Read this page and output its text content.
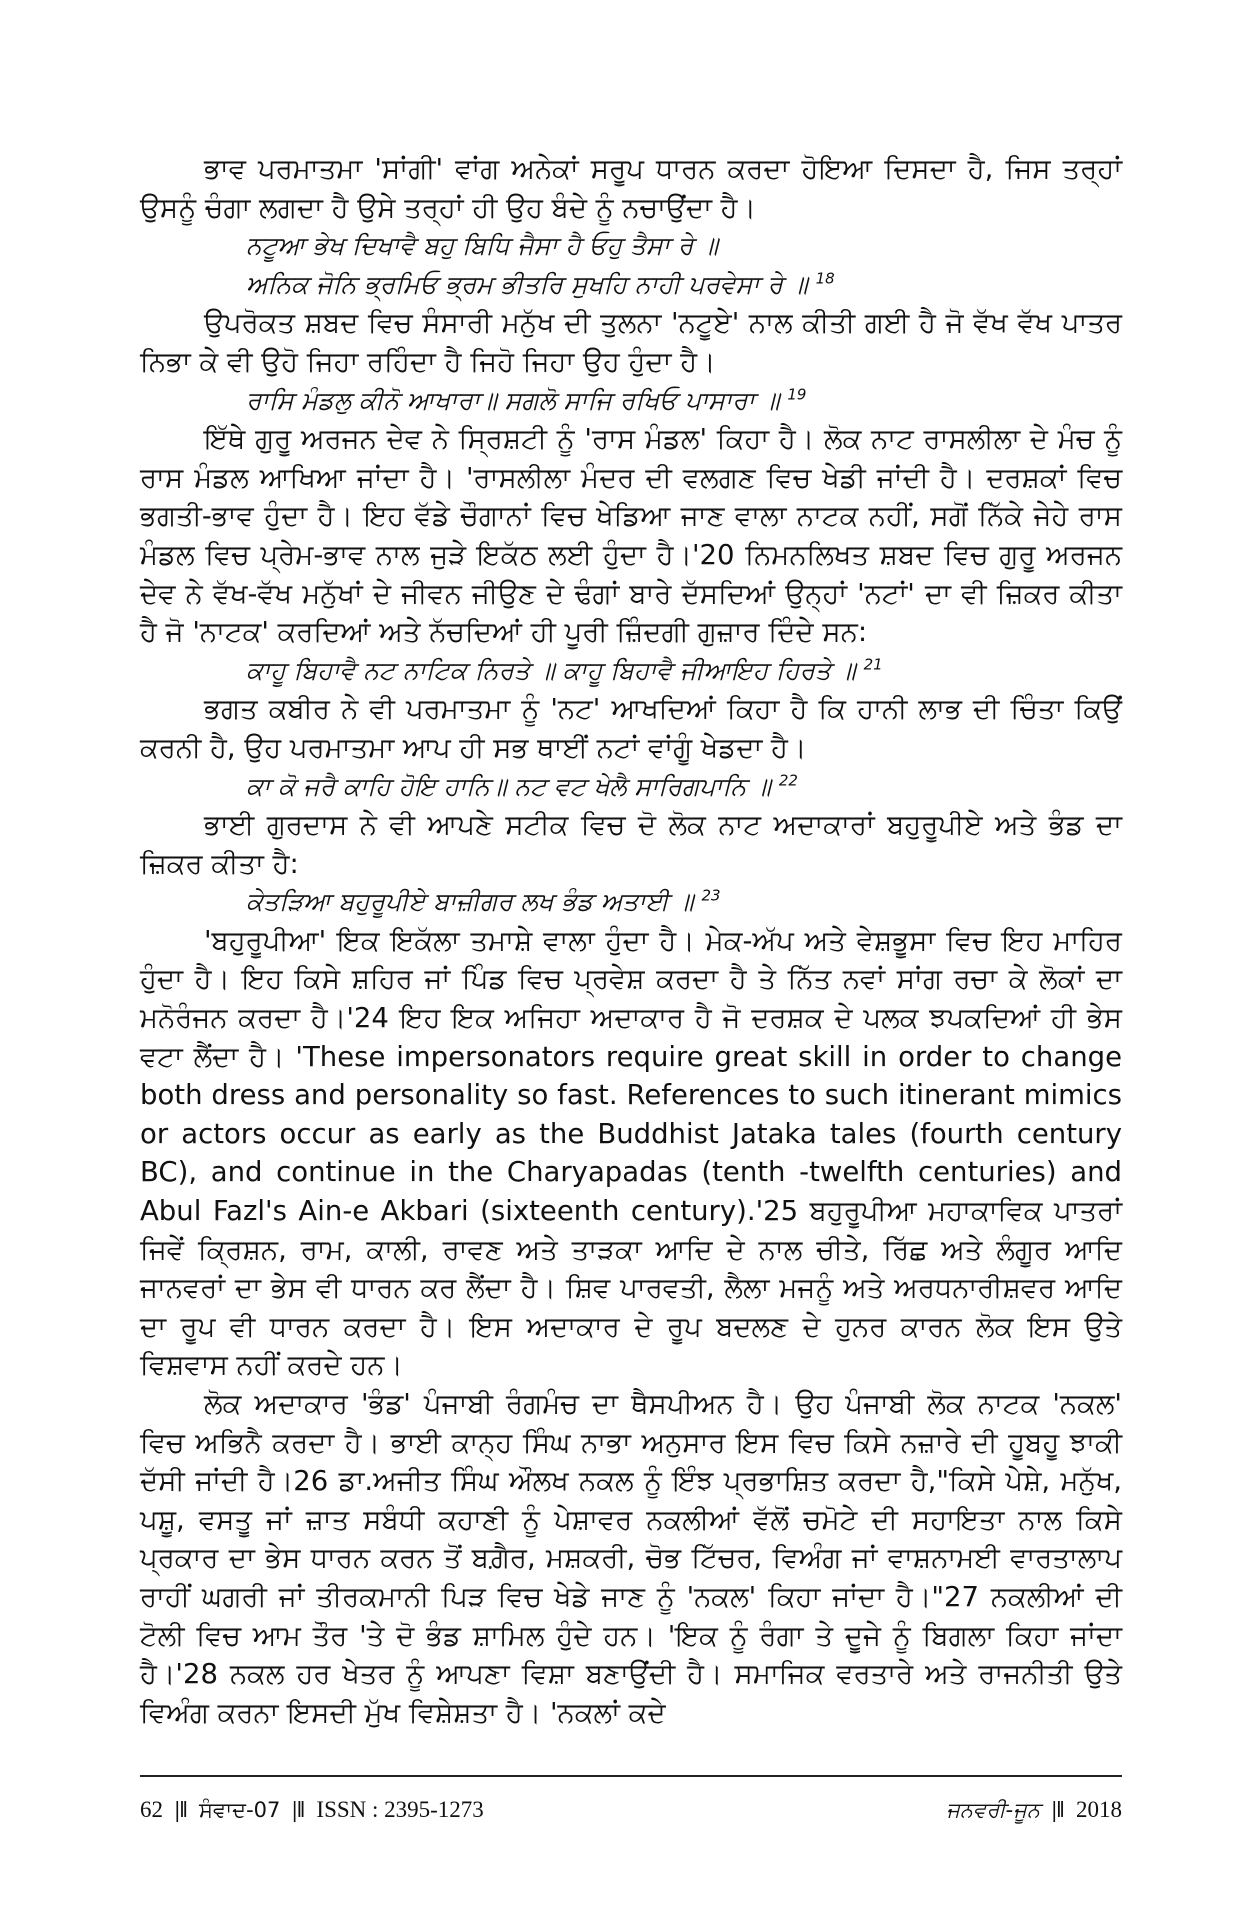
ਭਾਵ ਪਰਮਾਤਮਾ 'ਸਾਂਗੀ' ਵਾਂਗ ਅਨੇਕਾਂ ਸਰੂਪ ਧਾਰਨ ਕਰਦਾ ਹੋਇਆ ਦਿਸਦਾ ਹੈ, ਜਿਸ ਤਰ੍ਹਾਂ ਉਸਨੂੰ ਚੰਗਾ ਲਗਦਾ ਹੈ ਉਸੇ ਤਰ੍ਹਾਂ ਹੀ ਉਹ ਬੰਦੇ ਨੂੰ ਨਚਾਉਂਦਾ ਹੈ।

ਨਟੂਆ ਭੇਖ ਦਿਖਾਵੈ ਬਹੁ ਬਿਧਿ ਜੈਸਾ ਹੈ ਓਹੁ ਤੈਸਾ ਰੇ ॥

ਅਨਿਕ ਜੋਨਿ ਭ੍ਰਮਿਓ ਭ੍ਰਮ ਭੀਤਰਿ ਸੁਖਹਿ ਨਾਹੀ ਪਰਵੇਸਾ ਰੇ ॥ $^{18}$

ਉਪਰੋਕਤ ਸ਼ਬਦ ਵਿਚ ਸੰਸਾਰੀ ਮਨੁੱਖ ਦੀ ਤੁਲਨਾ 'ਨਟੂਏ' ਨਾਲ ਕੀਤੀ ਗਈ ਹੈ ਜੋ ਵੱਖ ਵੱਖ ਪਾਤਰ ਨਿਭਾ ਕੇ ਵੀ ਉਹੋ ਜਿਹਾ ਰਹਿੰਦਾ ਹੈ ਜਿਹੋ ਜਿਹਾ ਉਹ ਹੁੰਦਾ ਹੈ।

ਰਾਸਿ ਮੰਡਲੁ ਕੀਨੋ ਆਖਾਰਾ॥ ਸਗਲੋ ਸਾਜਿ ਰਖਿਓ ਪਾਸਾਰਾ ॥ $^{19}$

ਇੱਥੇ ਗੁਰੂ ਅਰਜਨ ਦੇਵ ਨੇ ਸ੍ਰਿਸ਼ਟੀ ਨੂੰ 'ਰਾਸ ਮੰਡਲ' ਕਿਹਾ ਹੈ। ਲੋਕ ਨਾਟ ਰਾਸਲੀਲਾ ਦੇ ਮੰਚ ਨੂੰ ਰਾਸ ਮੰਡਲ ਆਖਿਆ ਜਾਂਦਾ ਹੈ। 'ਰਾਸਲੀਲਾ ਮੰਦਰ ਦੀ ਵਲਗਣ ਵਿਚ ਖੇਡੀ ਜਾਂਦੀ ਹੈ। ਦਰਸ਼ਕਾਂ ਵਿਚ ਭਗਤੀ-ਭਾਵ ਹੁੰਦਾ ਹੈ। ਇਹ ਵੱਡੇ ਚੌਗਾਨਾਂ ਵਿਚ ਖੇਡਿਆ ਜਾਣ ਵਾਲਾ ਨਾਟਕ ਨਹੀਂ, ਸਗੋਂ ਨਿੱਕੇ ਜੇਹੇ ਰਾਸ ਮੰਡਲ ਵਿਚ ਪ੍ਰੇਮ-ਭਾਵ ਨਾਲ ਜੁੜੇ ਇਕੱਠ ਲਈ ਹੁੰਦਾ ਹੈ।'20 ਨਿਮਨਲਿਖਤ ਸ਼ਬਦ ਵਿਚ ਗੁਰੂ ਅਰਜਨ ਦੇਵ ਨੇ ਵੱਖ-ਵੱਖ ਮਨੁੱਖਾਂ ਦੇ ਜੀਵਨ ਜੀਉਣ ਦੇ ਢੰਗਾਂ ਬਾਰੇ ਦੱਸਦਿਆਂ ਉਨ੍ਹਾਂ 'ਨਟਾਂ' ਦਾ ਵੀ ਜ਼ਿਕਰ ਕੀਤਾ ਹੈ ਜੋ 'ਨਾਟਕ' ਕਰਦਿਆਂ ਅਤੇ ਨੱਚਦਿਆਂ ਹੀ ਪੂਰੀ ਜ਼ਿੰਦਗੀ ਗੁਜ਼ਾਰ ਦਿੰਦੇ ਸਨ:

ਕਾਹੂ ਬਿਹਾਵੈ ਨਟ ਨਾਟਿਕ ਨਿਰਤੇ ॥ ਕਾਹੂ ਬਿਹਾਵੈ ਜੀਆਇਹ ਹਿਰਤੇ ॥ $^{21}$

ਭਗਤ ਕਬੀਰ ਨੇ ਵੀ ਪਰਮਾਤਮਾ ਨੂੰ 'ਨਟ' ਆਖਦਿਆਂ ਕਿਹਾ ਹੈ ਕਿ ਹਾਨੀ ਲਾਭ ਦੀ ਚਿੰਤਾ ਕਿਉਂ ਕਰਨੀ ਹੈ, ਉਹ ਪਰਮਾਤਮਾ ਆਪ ਹੀ ਸਭ ਥਾਈਂ ਨਟਾਂ ਵਾਂਗੂੰ ਖੇਡਦਾ ਹੈ।

ਕਾ ਕੋ ਜਰੈ ਕਾਹਿ ਹੋਇ ਹਾਨਿ॥ ਨਟ ਵਟ ਖੇਲੈ ਸਾਰਿਗਪਾਨਿ ॥ $^{22}$

ਭਾਈ ਗੁਰਦਾਸ ਨੇ ਵੀ ਆਪਣੇ ਸਟੀਕ ਵਿਚ ਦੋ ਲੋਕ ਨਾਟ ਅਦਾਕਾਰਾਂ ਬਹੁਰੂਪੀਏ ਅਤੇ ਭੰਡ ਦਾ ਜ਼ਿਕਰ ਕੀਤਾ ਹੈ:

ਕੇਤੜਿਆ ਬਹੁਰੂਪੀਏ ਬਾਜ਼ੀਗਰ ਲਖ ਭੰਡ ਅਤਾਈ ॥ $^{23}$

'ਬਹੁਰੂਪੀਆ' ਇਕ ਇਕੱਲਾ ਤਮਾਸ਼ੇ ਵਾਲਾ ਹੁੰਦਾ ਹੈ। ਮੇਕ-ਅੱਪ ਅਤੇ ਵੇਸ਼ਭੂਸਾ ਵਿਚ ਇਹ ਮਾਹਿਰ ਹੁੰਦਾ ਹੈ। ਇਹ ਕਿਸੇ ਸ਼ਹਿਰ ਜਾਂ ਪਿੰਡ ਵਿਚ ਪ੍ਰਵੇਸ਼ ਕਰਦਾ ਹੈ ਤੇ ਨਿੱਤ ਨਵਾਂ ਸਾਂਗ ਰਚਾ ਕੇ ਲੋਕਾਂ ਦਾ ਮਨੋਰੰਜਨ ਕਰਦਾ ਹੈ।'24 ਇਹ ਇਕ ਅਜਿਹਾ ਅਦਾਕਾਰ ਹੈ ਜੋ ਦਰਸ਼ਕ ਦੇ ਪਲਕ ਝਪਕਦਿਆਂ ਹੀ ਭੇਸ ਵਟਾ ਲੈਂਦਾ ਹੈ। 'These impersonators require great skill in order to change both dress and personality so fast. References to such itinerant mimics or actors occur as early as the Buddhist Jataka tales (fourth century BC), and continue in the Charyapadas (tenth -twelfth centuries) and Abul Fazl's Ain-e Akbari (sixteenth century).'25 ਬਹੁਰੂਪੀਆ ਮਹਾਕਾਵਿਕ ਪਾਤਰਾਂ ਜਿਵੇਂ ਕ੍ਰਿਸ਼ਨ, ਰਾਮ, ਕਾਲੀ, ਰਾਵਣ ਅਤੇ ਤਾੜਕਾ ਆਦਿ ਦੇ ਨਾਲ ਚੀਤੇ, ਰਿੱਛ ਅਤੇ ਲੰਗੂਰ ਆਦਿ ਜਾਨਵਰਾਂ ਦਾ ਭੇਸ ਵੀ ਧਾਰਨ ਕਰ ਲੈਂਦਾ ਹੈ। ਸ਼ਿਵ ਪਾਰਵਤੀ, ਲੈਲਾ ਮਜਨੂੰ ਅਤੇ ਅਰਧਨਾਰੀਸ਼ਵਰ ਆਦਿ ਦਾ ਰੂਪ ਵੀ ਧਾਰਨ ਕਰਦਾ ਹੈ। ਇਸ ਅਦਾਕਾਰ ਦੇ ਰੂਪ ਬਦਲਣ ਦੇ ਹੁਨਰ ਕਾਰਨ ਲੋਕ ਇਸ ਉਤੇ ਵਿਸ਼ਵਾਸ ਨਹੀਂ ਕਰਦੇ ਹਨ।

ਲੋਕ ਅਦਾਕਾਰ 'ਭੰਡ' ਪੰਜਾਬੀ ਰੰਗਮੰਚ ਦਾ ਥੈਸਪੀਅਨ ਹੈ। ਉਹ ਪੰਜਾਬੀ ਲੋਕ ਨਾਟਕ 'ਨਕਲ' ਵਿਚ ਅਭਿਨੈ ਕਰਦਾ ਹੈ। ਭਾਈ ਕਾਨ੍ਹ ਸਿੰਘ ਨਾਭਾ ਅਨੁਸਾਰ ਇਸ ਵਿਚ ਕਿਸੇ ਨਜ਼ਾਰੇ ਦੀ ਹੂਬਹੂ ਝਾਕੀ ਦੱਸੀ ਜਾਂਦੀ ਹੈ।26 ਡਾ.ਅਜੀਤ ਸਿੰਘ ਔਲਖ ਨਕਲ ਨੂੰ ਇੰਝ ਪ੍ਰਭਾਸ਼ਿਤ ਕਰਦਾ ਹੈ,"ਕਿਸੇ ਪੇਸ਼ੇ, ਮਨੁੱਖ, ਪਸ਼ੂ, ਵਸਤੂ ਜਾਂ ਜ਼ਾਤ ਸਬੰਧੀ ਕਹਾਣੀ ਨੂੰ ਪੇਸ਼ਾਵਰ ਨਕਲੀਆਂ ਵੱਲੋਂ ਚਮੋਟੇ ਦੀ ਸਹਾਇਤਾ ਨਾਲ ਕਿਸੇ ਪ੍ਰਕਾਰ ਦਾ ਭੇਸ ਧਾਰਨ ਕਰਨ ਤੋਂ ਬਗ਼ੈਰ, ਮਸ਼ਕਰੀ, ਚੋਭ ਟਿੱਚਰ, ਵਿਅੰਗ ਜਾਂ ਵਾਸ਼ਨਾਮਈ ਵਾਰਤਾਲਾਪ ਰਾਹੀਂ ਘਗਰੀ ਜਾਂ ਤੀਰਕਮਾਨੀ ਪਿੜ ਵਿਚ ਖੇਡੇ ਜਾਣ ਨੂੰ 'ਨਕਲ' ਕਿਹਾ ਜਾਂਦਾ ਹੈ।"27 ਨਕਲੀਆਂ ਦੀ ਟੋਲੀ ਵਿਚ ਆਮ ਤੌਰ 'ਤੇ ਦੋ ਭੰਡ ਸ਼ਾਮਿਲ ਹੁੰਦੇ ਹਨ। 'ਇਕ ਨੂੰ ਰੰਗਾ ਤੇ ਦੂਜੇ ਨੂੰ ਬਿਗਲਾ ਕਿਹਾ ਜਾਂਦਾ ਹੈ।'28 ਨਕਲ ਹਰ ਖੇਤਰ ਨੂੰ ਆਪਣਾ ਵਿਸ਼ਾ ਬਣਾਉਂਦੀ ਹੈ। ਸਮਾਜਿਕ ਵਰਤਾਰੇ ਅਤੇ ਰਾਜਨੀਤੀ ਉਤੇ ਵਿਅੰਗ ਕਰਨਾ ਇਸਦੀ ਮੁੱਖ ਵਿਸ਼ੇਸ਼ਤਾ ਹੈ। 'ਨਕਲਾਂ ਕਦੇ

62 |‖ ਸੰਵਾਦ-07 |‖ ISSN : 2395-1273	ਜਨਵਰੀ-ਜੂਨ |‖ 2018
